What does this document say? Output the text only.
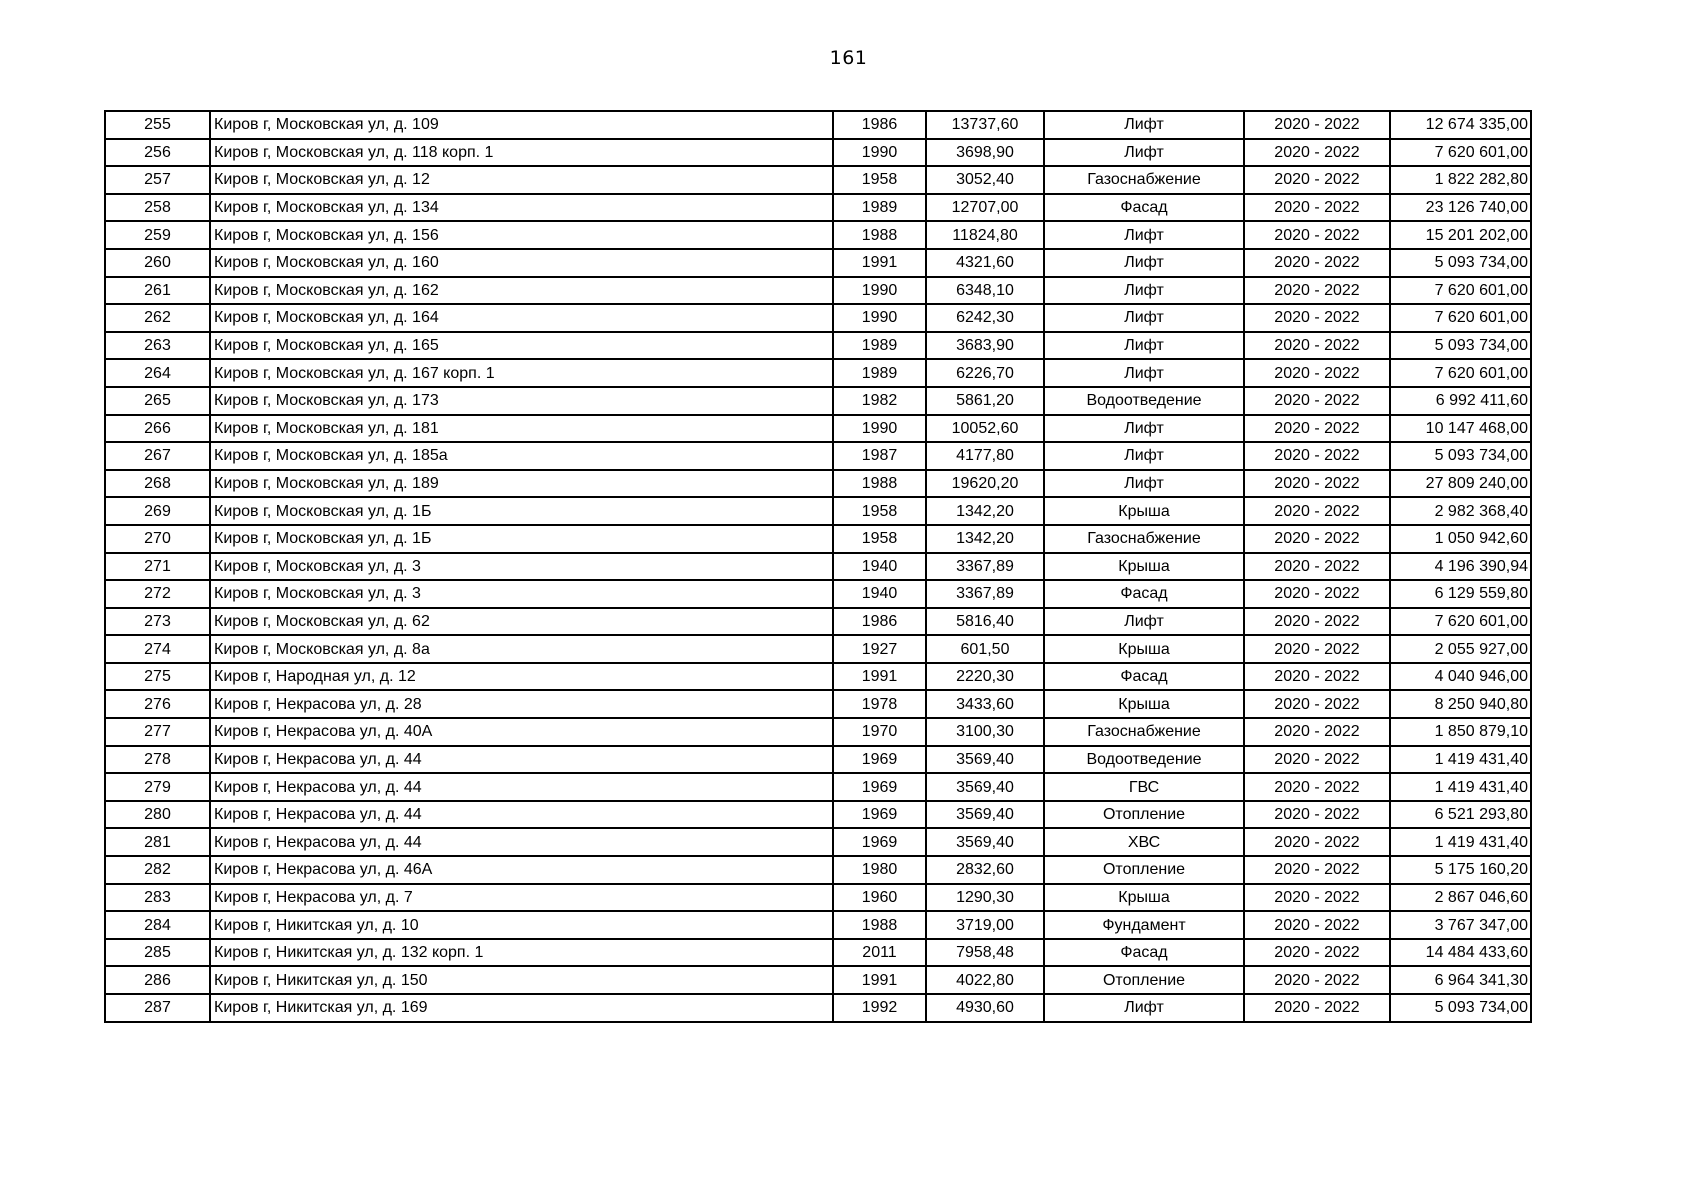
161
255	Киров г, Московская ул, д. 109	1986	13737,60	Лифт	2020 - 2022	12 674 335,00
256	Киров г, Московская ул, д. 118 корп. 1	1990	3698,90	Лифт	2020 - 2022	7 620 601,00
257	Киров г, Московская ул, д. 12	1958	3052,40	Газоснабжение	2020 - 2022	1 822 282,80
258	Киров г, Московская ул, д. 134	1989	12707,00	Фасад	2020 - 2022	23 126 740,00
259	Киров г, Московская ул, д. 156	1988	11824,80	Лифт	2020 - 2022	15 201 202,00
260	Киров г, Московская ул, д. 160	1991	4321,60	Лифт	2020 - 2022	5 093 734,00
261	Киров г, Московская ул, д. 162	1990	6348,10	Лифт	2020 - 2022	7 620 601,00
262	Киров г, Московская ул, д. 164	1990	6242,30	Лифт	2020 - 2022	7 620 601,00
263	Киров г, Московская ул, д. 165	1989	3683,90	Лифт	2020 - 2022	5 093 734,00
264	Киров г, Московская ул, д. 167 корп. 1	1989	6226,70	Лифт	2020 - 2022	7 620 601,00
265	Киров г, Московская ул, д. 173	1982	5861,20	Водоотведение	2020 - 2022	6 992 411,60
266	Киров г, Московская ул, д. 181	1990	10052,60	Лифт	2020 - 2022	10 147 468,00
267	Киров г, Московская ул, д. 185а	1987	4177,80	Лифт	2020 - 2022	5 093 734,00
268	Киров г, Московская ул, д. 189	1988	19620,20	Лифт	2020 - 2022	27 809 240,00
269	Киров г, Московская ул, д. 1Б	1958	1342,20	Крыша	2020 - 2022	2 982 368,40
270	Киров г, Московская ул, д. 1Б	1958	1342,20	Газоснабжение	2020 - 2022	1 050 942,60
271	Киров г, Московская ул, д. 3	1940	3367,89	Крыша	2020 - 2022	4 196 390,94
272	Киров г, Московская ул, д. 3	1940	3367,89	Фасад	2020 - 2022	6 129 559,80
273	Киров г, Московская ул, д. 62	1986	5816,40	Лифт	2020 - 2022	7 620 601,00
274	Киров г, Московская ул, д. 8а	1927	601,50	Крыша	2020 - 2022	2 055 927,00
275	Киров г, Народная ул, д. 12	1991	2220,30	Фасад	2020 - 2022	4 040 946,00
276	Киров г, Некрасова ул, д. 28	1978	3433,60	Крыша	2020 - 2022	8 250 940,80
277	Киров г, Некрасова ул, д. 40А	1970	3100,30	Газоснабжение	2020 - 2022	1 850 879,10
278	Киров г, Некрасова ул, д. 44	1969	3569,40	Водоотведение	2020 - 2022	1 419 431,40
279	Киров г, Некрасова ул, д. 44	1969	3569,40	ГВС	2020 - 2022	1 419 431,40
280	Киров г, Некрасова ул, д. 44	1969	3569,40	Отопление	2020 - 2022	6 521 293,80
281	Киров г, Некрасова ул, д. 44	1969	3569,40	ХВС	2020 - 2022	1 419 431,40
282	Киров г, Некрасова ул, д. 46А	1980	2832,60	Отопление	2020 - 2022	5 175 160,20
283	Киров г, Некрасова ул, д. 7	1960	1290,30	Крыша	2020 - 2022	2 867 046,60
284	Киров г, Никитская ул, д. 10	1988	3719,00	Фундамент	2020 - 2022	3 767 347,00
285	Киров г, Никитская ул, д. 132 корп. 1	2011	7958,48	Фасад	2020 - 2022	14 484 433,60
286	Киров г, Никитская ул, д. 150	1991	4022,80	Отопление	2020 - 2022	6 964 341,30
287	Киров г, Никитская ул, д. 169	1992	4930,60	Лифт	2020 - 2022	5 093 734,00
